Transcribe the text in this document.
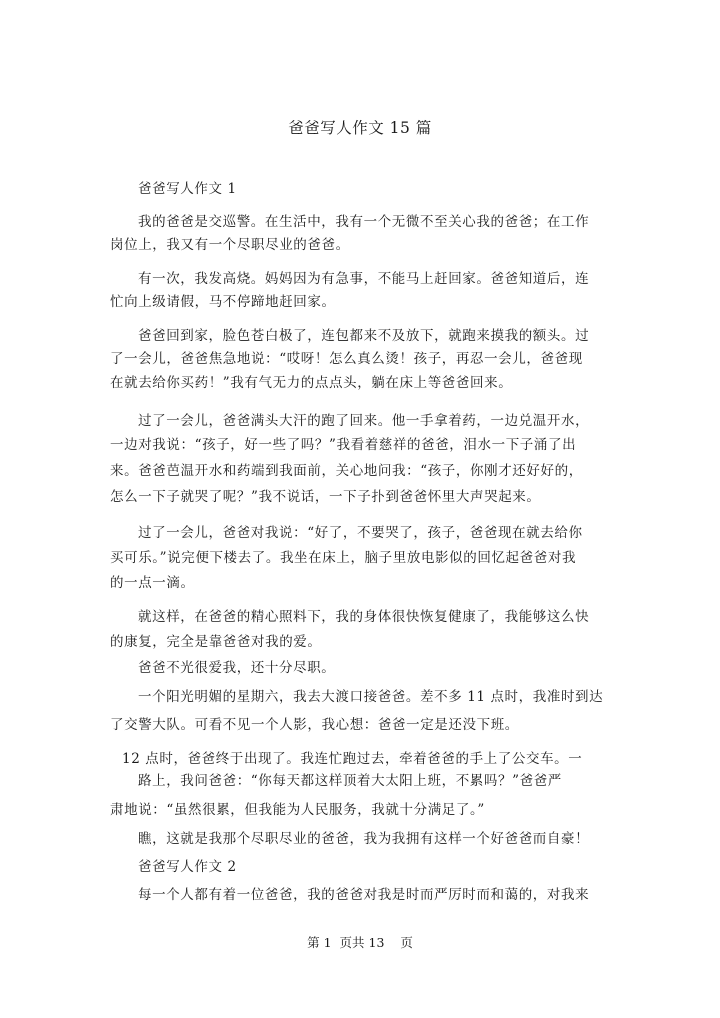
爸爸写人作文 15 篇
爸爸写人作文 1
我的爸爸是交巡警。在生活中，我有一个无微不至关心我的爸爸；在工作
岗位上，我又有一个尽职尽业的爸爸。
有一次，我发高烧。妈妈因为有急事，不能马上赶回家。爸爸知道后，连
忙向上级请假，马不停蹄地赶回家。
爸爸回到家，脸色苍白极了，连包都来不及放下，就跑来摸我的额头。过
了一会儿，爸爸焦急地说：“哎呀！怎么真么烫！孩子，再忍一会儿，爸爸现
在就去给你买药！”我有气无力的点点头，躺在床上等爸爸回来。
过了一会儿，爸爸满头大汗的跑了回来。他一手拿着药，一边兑温开水，
一边对我说：“孩子，好一些了吗？”我看着慈祥的爸爸，泪水一下子涌了出
来。爸爸芭温开水和药端到我面前，关心地问我：“孩子，你刚才还好好的，
怎么一下子就哭了呢？”我不说话，一下子扑到爸爸怀里大声哭起来。
过了一会儿，爸爸对我说：“好了，不要哭了，孩子，爸爸现在就去给你
买可乐。”说完便下楼去了。我坐在床上，脑子里放电影似的回忆起爸爸对我
的一点一滴。
就这样，在爸爸的精心照料下，我的身体很快恢复健康了，我能够这么快
的康复，完全是靠爸爸对我的爱。
爸爸不光很爱我，还十分尽职。
一个阳光明媚的星期六，我去大渡口接爸爸。差不多 11 点时，我准时到达
了交警大队。可看不见一个人影，我心想：爸爸一定是还没下班。
12 点时，爸爸终于出现了。我连忙跑过去，牵着爸爸的手上了公交车。一
路上，我问爸爸：“你每天都这样顶着大太阳上班，不累吗？”爸爸严
肃地说：“虽然很累，但我能为人民服务，我就十分满足了。”
瞧，这就是我那个尽职尽业的爸爸，我为我拥有这样一个好爸爸而自豪！
爸爸写人作文 2
每一个人都有着一位爸爸，我的爸爸对我是时而严厉时而和蔼的，对我来
第 1  页共 13    页
